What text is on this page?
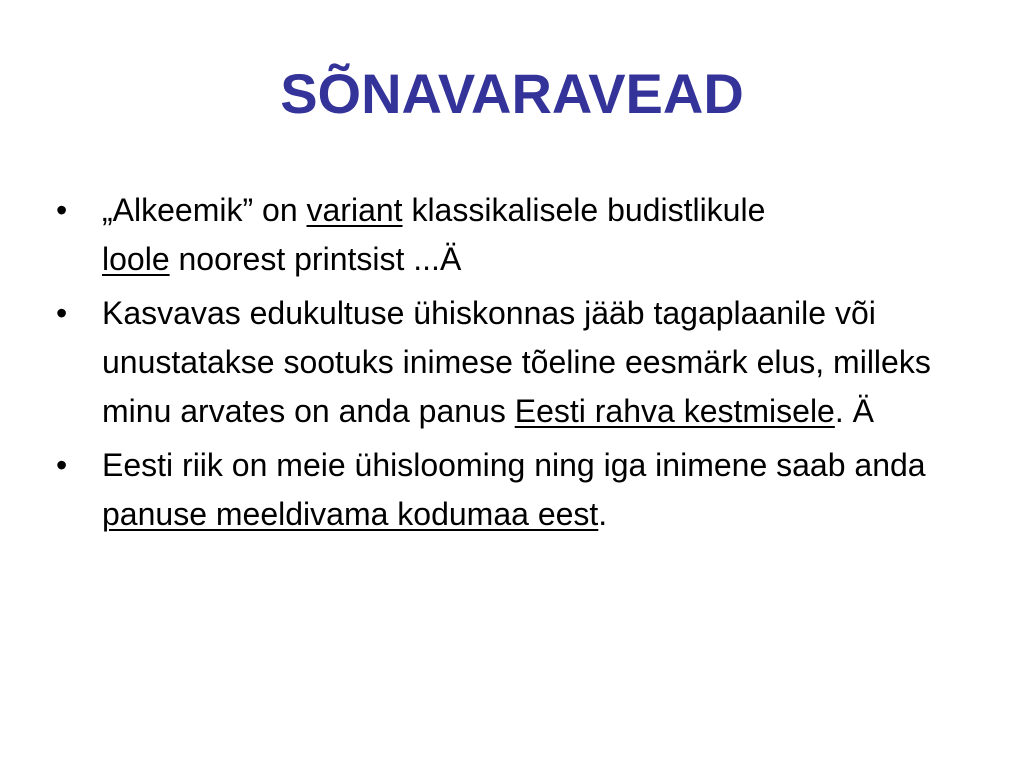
SÕNAVARAVEAD
•	„Alkeemik” on variant klassikalisele budistlikule
loole noorest printsist ...Ä
•	Kasvavas edukultuse ühiskonnas jääb tagaplaanile või unustatakse sootuks inimese tõeline eesmärk elus, milleks minu arvates on anda panus Eesti rahva kestmisele. Ä
•	Eesti riik on meie ühislooming ning iga inimene saab anda panuse meeldivama kodumaa eest.
